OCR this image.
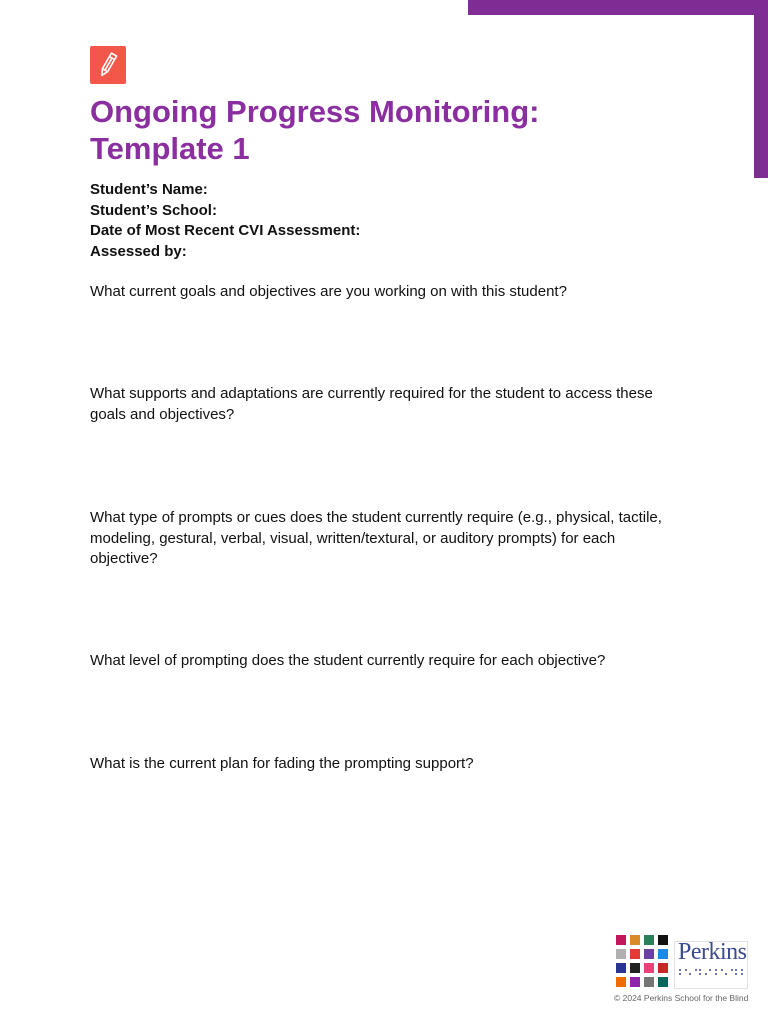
Ongoing Progress Monitoring:
Template 1
Student’s Name:
Student’s School:
Date of Most Recent CVI Assessment:
Assessed by:

What current goals and objectives are you working on with this student?

What supports and adaptations are currently required for the student to access these goals and objectives?

What type of prompts or cues does the student currently require (e.g., physical, tactile, modeling, gestural, verbal, visual, written/textural, or auditory prompts) for each objective?

What level of prompting does the student currently require for each objective?

What is the current plan for fading the prompting support?

Perkins
© 2024 Perkins School for the Blind
